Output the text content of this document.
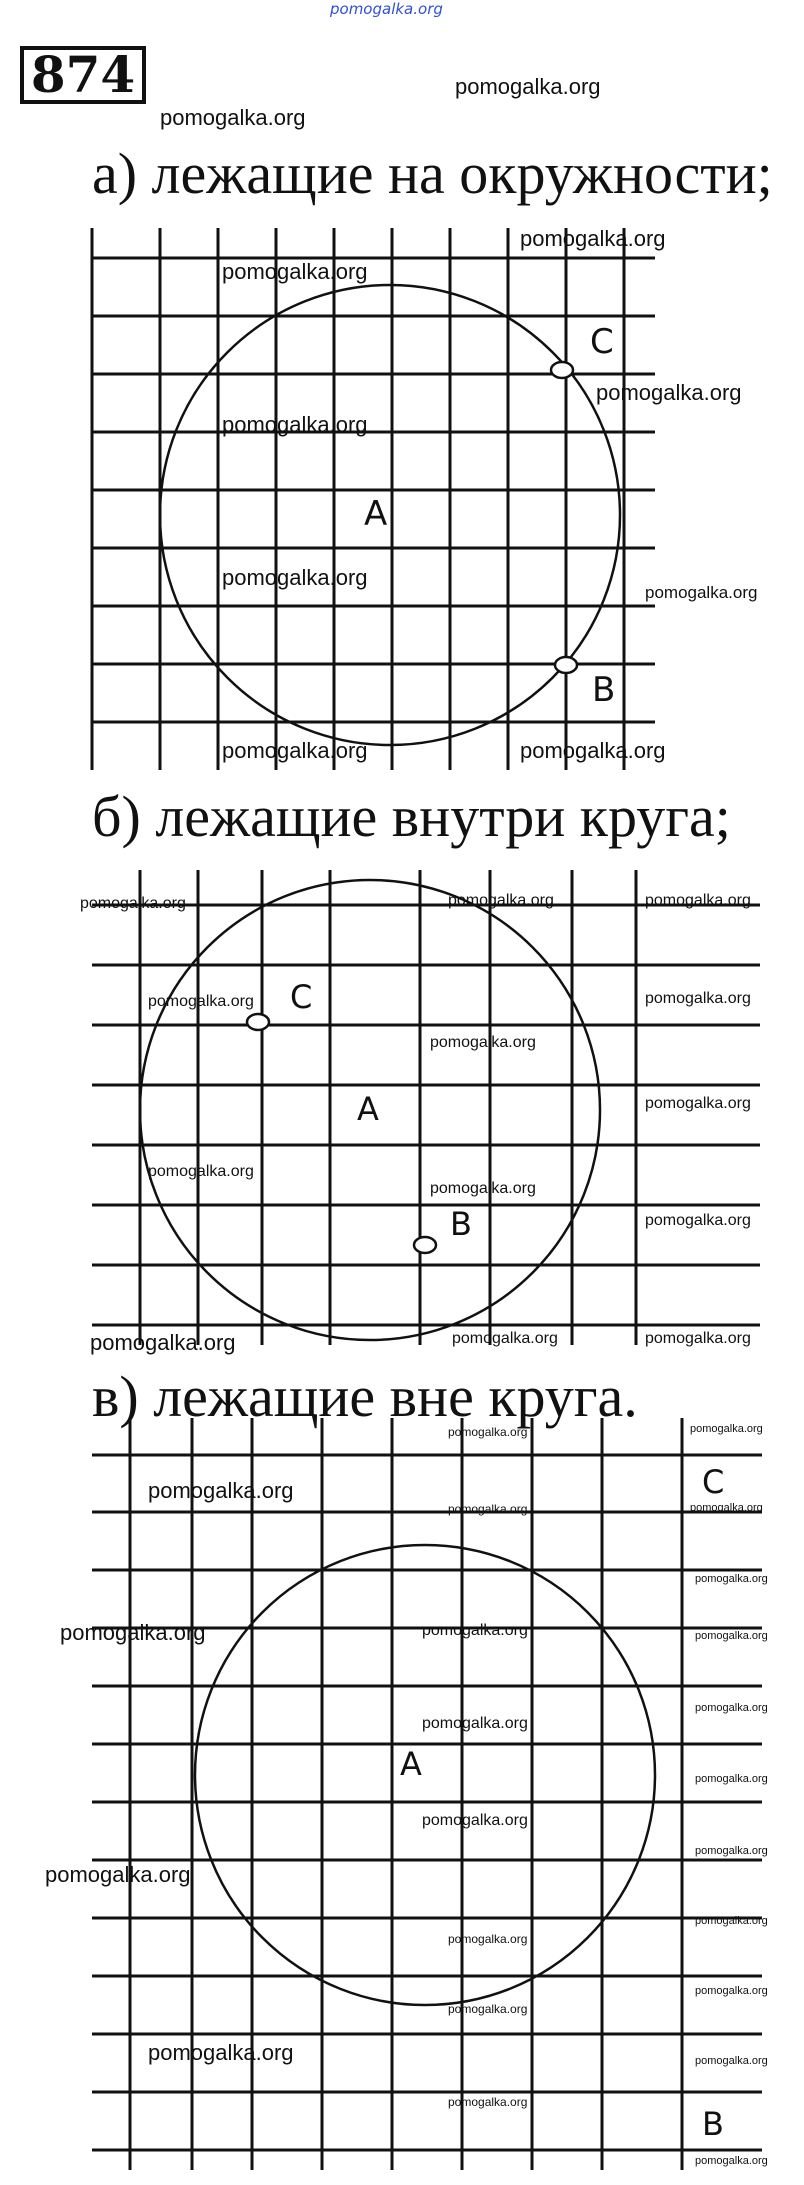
pomogalka.org
874
а) лежащие на окружности;
б) лежащие внутри круга;
в) лежащие вне круга.
C
B
A
C
B
A
C
B
A
pomogalka.org
pomogalka.org
pomogalka.org
pomogalka.org
pomogalka.org
pomogalka.org
pomogalka.org
pomogalka.org
pomogalka.org	pomogalka.org
pomogalka.org	pomogalka.org	pomogalka.org
pomogalka.org	pomogalka.org
pomogalka.org
pomogalka.org
pomogalka.org
pomogalka.org
pomogalka.org
pomogalka.org	pomogalka.org	pomogalka.org
pomogalka.org	pomogalka.org
pomogalka.org
pomogalka.org	pomogalka.org
pomogalka.org
pomogalka.org	pomogalka.org	pomogalka.org
pomogalka.org
pomogalka.org
pomogalka.org
pomogalka.org
pomogalka.org
pomogalka.org
pomogalka.org
pomogalka.org
pomogalka.org
pomogalka.org
pomogalka.org	pomogalka.org
pomogalka.org
pomogalka.org
